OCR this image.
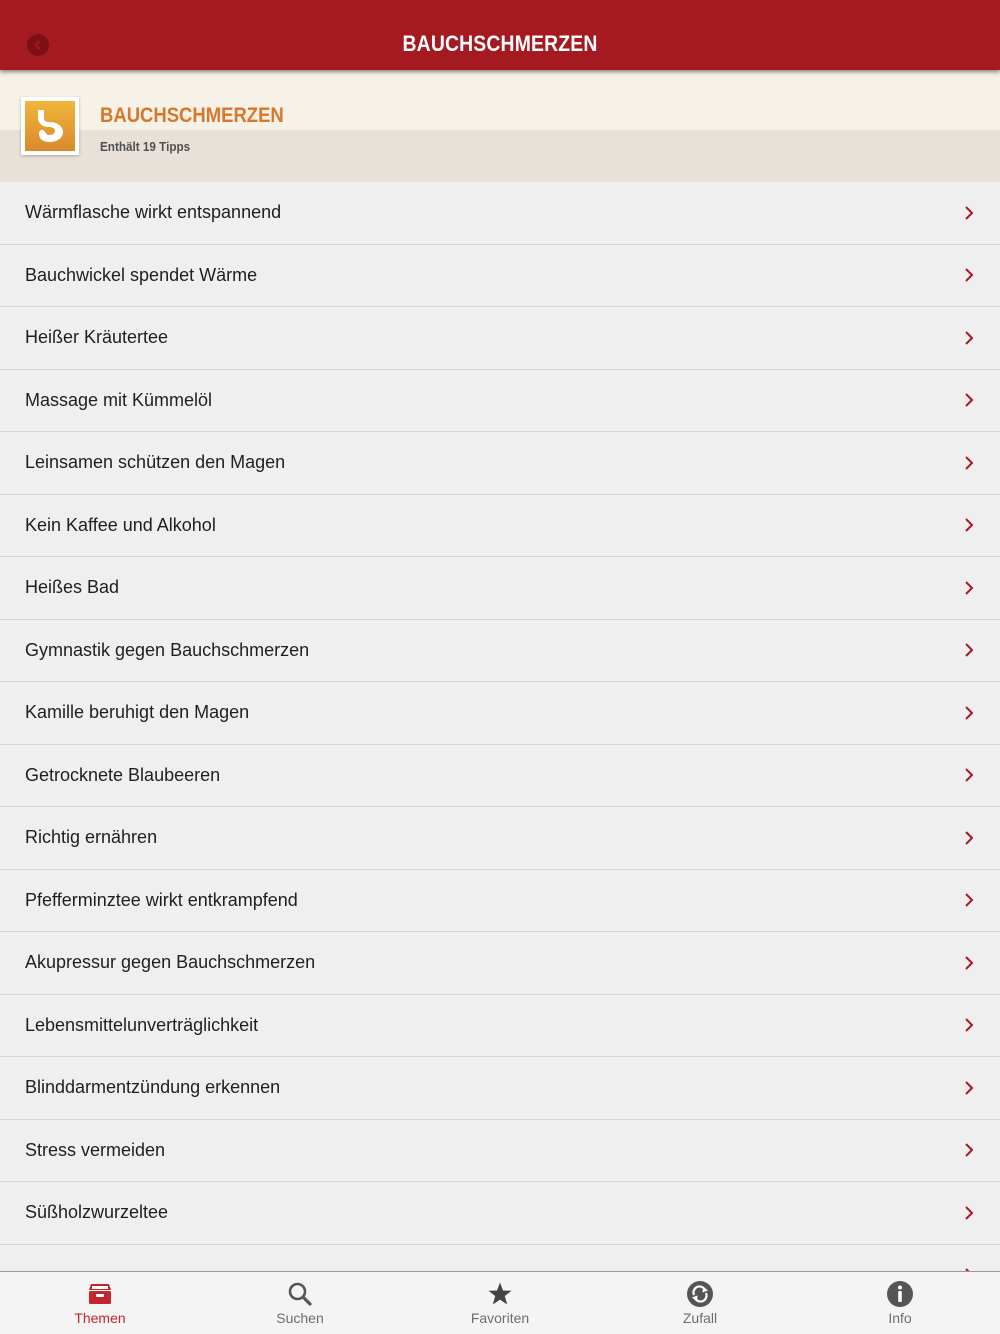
BAUCHSCHMERZEN
BAUCHSCHMERZEN
Enthält 19 Tipps
Wärmflasche wirkt entspannend
Bauchwickel spendet Wärme
Heißer Kräutertee
Massage mit Kümmelöl
Leinsamen schützen den Magen
Kein Kaffee und Alkohol
Heißes Bad
Gymnastik gegen Bauchschmerzen
Kamille beruhigt den Magen
Getrocknete Blaubeeren
Richtig ernähren
Pfefferminztee wirkt entkrampfend
Akupressur gegen Bauchschmerzen
Lebensmittelunverträglichkeit
Blinddarmentzündung erkennen
Stress vermeiden
Süßholzwurzeltee
Themen	Suchen	Favoriten	Zufall	Info
